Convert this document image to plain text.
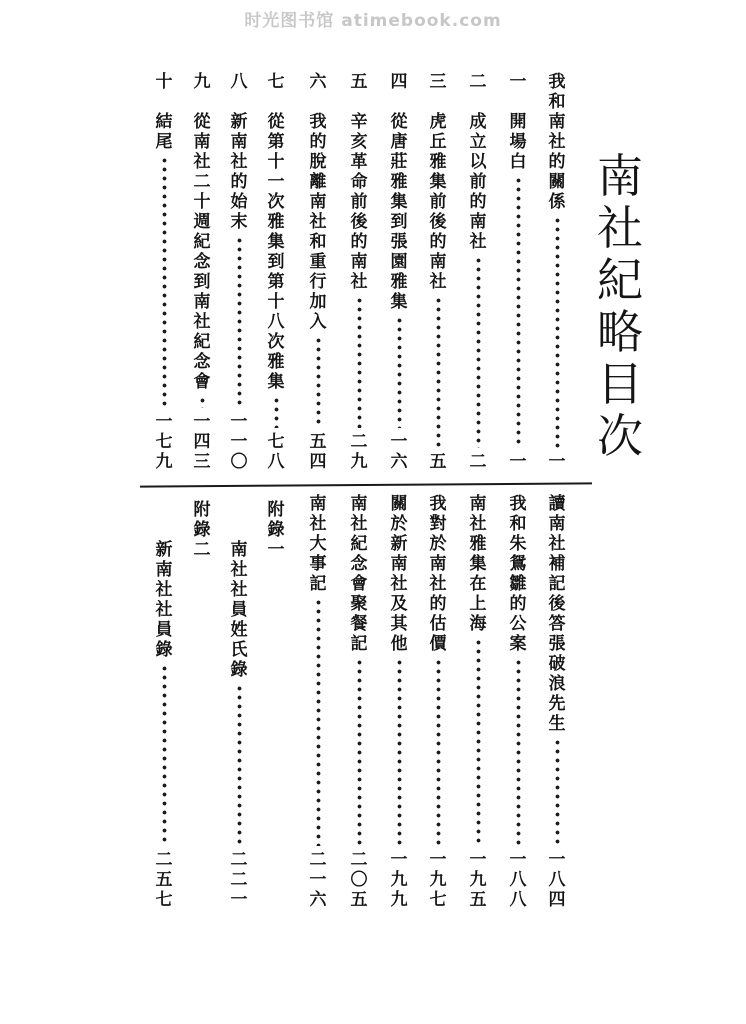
时光图书馆 atimebook.com
南
社
紀
略
目
次
我
和
南
社
的
關
係
一
一
開
場
白
一
二
成
立
以
前
的
南
社
二
三
虎
丘
雅
集
前
後
的
南
社
五
四
從
唐
莊
雅
集
到
張
園
雅
集
一
六
五
辛
亥
革
命
前
後
的
南
社
二
九
六
我
的
脫
離
南
社
和
重
行
加
入
五
四
七
從
第
十
一
次
雅
集
到
第
十
八
次
雅
集
七
八
八
新
南
社
的
始
末
一
一
〇
九
從
南
社
二
十
週
紀
念
到
南
社
紀
念
會
一
四
三
十
結
尾
一
七
九
讀
南
社
補
記
後
答
張
破
浪
先
生
一
八
四
我
和
朱
鴛
雛
的
公
案
一
八
八
南
社
雅
集
在
上
海
一
九
五
我
對
於
南
社
的
估
價
一
九
七
關
於
新
南
社
及
其
他
一
九
九
南
社
紀
念
會
聚
餐
記
二
〇
五
南
社
大
事
記
二
一
六
附
錄
一
南
社
社
員
姓
氏
錄
二
二
一
附
錄
二
新
南
社
社
員
錄
二
五
七
